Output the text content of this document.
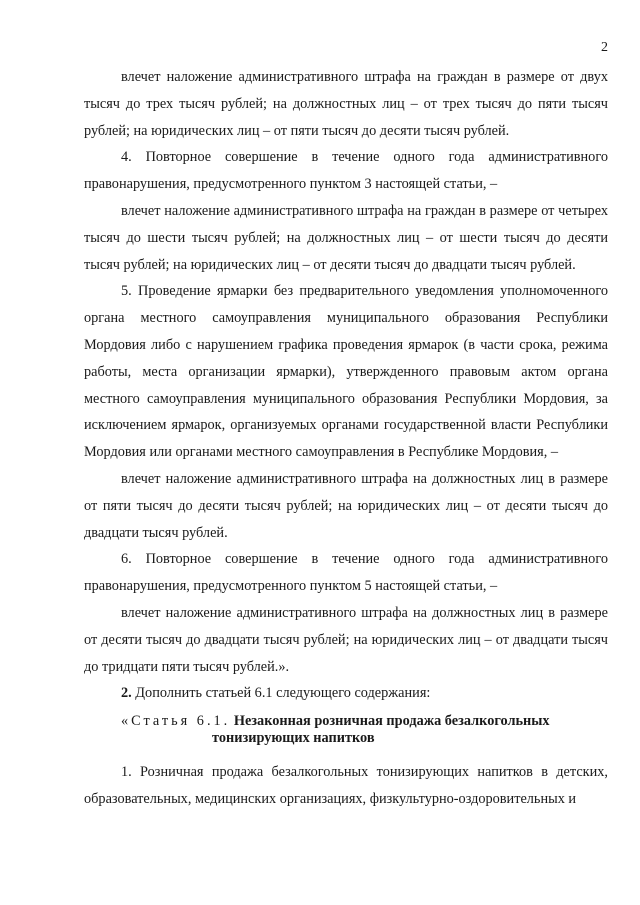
2

влечет наложение административного штрафа на граждан в размере от двух тысяч до трех тысяч рублей; на должностных лиц – от трех тысяч до пяти тысяч рублей; на юридических лиц – от пяти тысяч до десяти тысяч рублей.

4. Повторное совершение в течение одного года административного правонарушения, предусмотренного пунктом 3 настоящей статьи, –

влечет наложение административного штрафа на граждан в размере от четырех тысяч до шести тысяч рублей; на должностных лиц – от шести тысяч до десяти тысяч рублей; на юридических лиц – от десяти тысяч до двадцати тысяч рублей.

5. Проведение ярмарки без предварительного уведомления уполномоченного органа местного самоуправления муниципального образования Республики Мордовия либо с нарушением графика проведения ярмарок (в части срока, режима работы, места организации ярмарки), утвержденного правовым актом органа местного самоуправления муниципального образования Республики Мордовия, за исключением ярмарок, организуемых органами государственной власти Республики Мордовия или органами местного самоуправления в Республике Мордовия, –

влечет наложение административного штрафа на должностных лиц в размере от пяти тысяч до десяти тысяч рублей; на юридических лиц – от десяти тысяч до двадцати тысяч рублей.

6. Повторное совершение в течение одного года административного правонарушения, предусмотренного пунктом 5 настоящей статьи, –

влечет наложение административного штрафа на должностных лиц в размере от десяти тысяч до двадцати тысяч рублей; на юридических лиц – от двадцати тысяч до тридцати пяти тысяч рублей.».

2. Дополнить статьей 6.1 следующего содержания:

«Статья 6.1. Незаконная розничная продажа безалкогольных
тонизирующих напитков

1. Розничная продажа безалкогольных тонизирующих напитков в детских, образовательных, медицинских организациях, физкультурно-оздоровительных и
